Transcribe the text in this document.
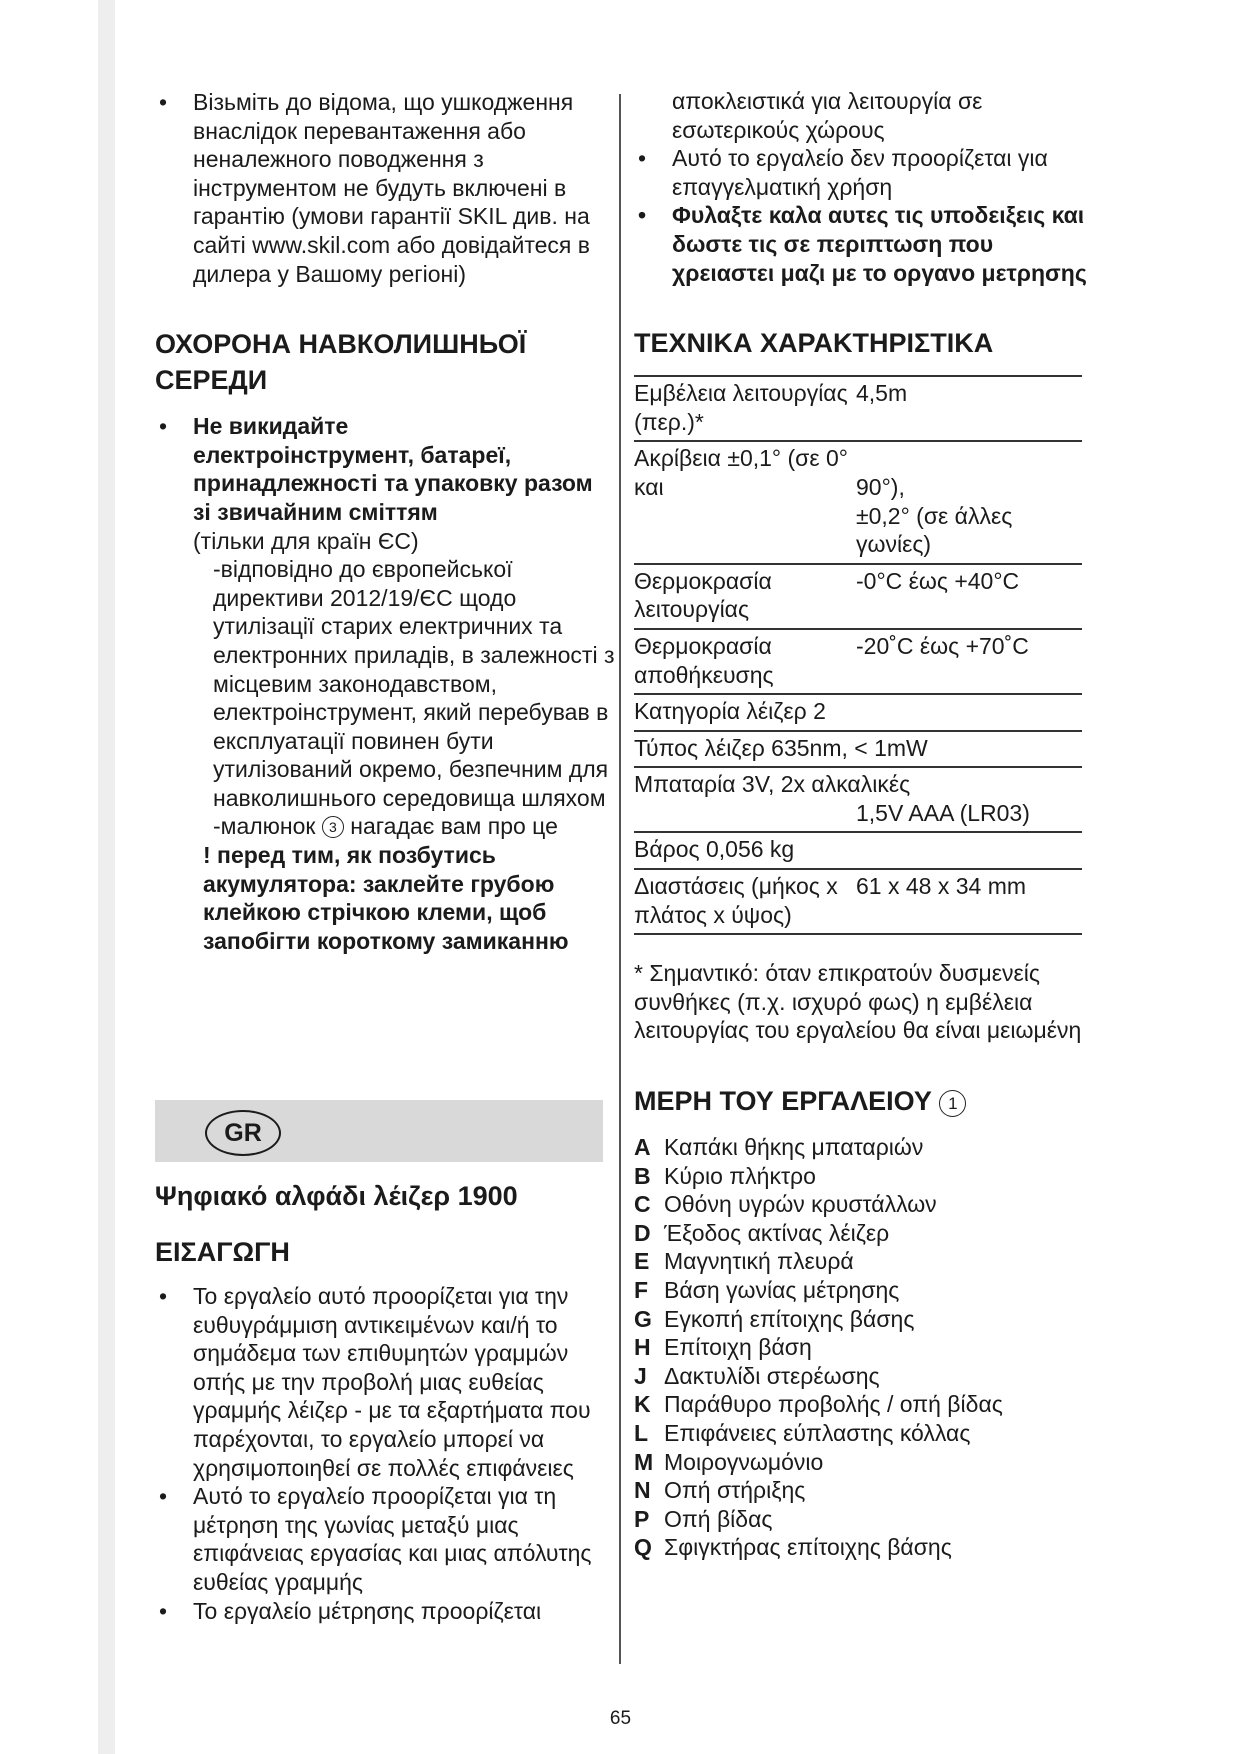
• Візьміть до відома, що ушкодження внаслідок перевантаження або неналежного поводження з інструментом не будуть включені в гарантію (умови гарантії SKIL див. на сайті www.skil.com або довідайтеся в дилера у Вашому регіоні)
ОХОРОНА НАВКОЛИШНЬОЇ
СЕРЕДИ
• Не викидайте
електроінструмент, батареї, принадлежності та упаковку разом зі звичайним сміттям
(тільки для країн ЄС)
-відповідно до європейської директиви 2012/19/ЄС щодо утилізації старих електричних та електронних приладів, в залежності з місцевим законодавством, електроінструмент, який перебував в експлуатації повинен бути утилізований окремо, безпечним для навколишнього середовища шляхом
-малюнок 3 нагадає вам про це
! перед тим, як позбутись акумулятора: заклейте грубою клейкою стрічкою клеми, щоб запобігти короткому замиканню
GR
Ψηφιακό αλφάδι λέιζερ 1900
ΕΙΣΑΓΩΓΗ
• Το εργαλείο αυτό προορίζεται για την ευθυγράμμιση αντικειμένων και/ή το σημάδεμα των επιθυμητών γραμμών οπής με την προβολή μιας ευθείας γραμμής λέιζερ - με τα εξαρτήματα που παρέχονται, το εργαλείο μπορεί να χρησιμοποιηθεί σε πολλές επιφάνειες
• Αυτό το εργαλείο προορίζεται για τη μέτρηση της γωνίας μεταξύ μιας επιφάνειας εργασίας και μιας απόλυτης ευθείας γραμμής
• Το εργαλείο μέτρησης προορίζεται
αποκλειστικά για λειτουργία σε εσωτερικούς χώρους
• Αυτό το εργαλείο δεν προορίζεται για επαγγελματική χρήση
• Φυλαξτε καλα αυτες τις υποδειξεις και δωστε τις σε περιπτωση που χρειαστει μαζι με το οργανο μετρησης
ΤΕΧΝΙΚΑ ΧΑΡΑΚΤΗΡΙΣΤΙΚΑ
Εμβέλεια λειτουργίας (περ.)*	4,5m
Ακρίβεια ±0,1° (σε 0° και	90°),
±0,2° (σε άλλες γωνίες)
Θερμοκρασία λειτουργίας	-0°C έως +40°C
Θερμοκρασία αποθήκευσης	-20˚C έως +70˚C
Κατηγορία λέιζερ 2	
Τύπος λέιζερ 635nm, < 1mW	

Μπαταρία 3V, 2x αλκαλικές
1,5V AAA (LR03)	

Βάρος 0,056 kg	
Διαστάσεις (μήκος x πλάτος x ύψος)	61 x 48 x 34 mm
* Σημαντικό: όταν επικρατούν δυσμενείς συνθήκες (π.χ. ισχυρό φως) η εμβέλεια λειτουργίας του εργαλείου θα είναι μειωμένη
ΜΕΡΗ ΤΟΥ ΕΡΓΑΛΕΙΟΥ 1
A Καπάκι θήκης μπαταριών
B Κύριο πλήκτρο
C Οθόνη υγρών κρυστάλλων
D Έξοδος ακτίνας λέιζερ
E Μαγνητική πλευρά
F Βάση γωνίας μέτρησης
G Εγκοπή επίτοιχης βάσης
H Επίτοιχη βάση
J Δακτυλίδι στερέωσης
K Παράθυρο προβολής / οπή βίδας
L Επιφάνειες εύπλαστης κόλλας
M Μοιρογνωμόνιο
N Οπή στήριξης
P Οπή βίδας
Q Σφιγκτήρας επίτοιχης βάσης
65
